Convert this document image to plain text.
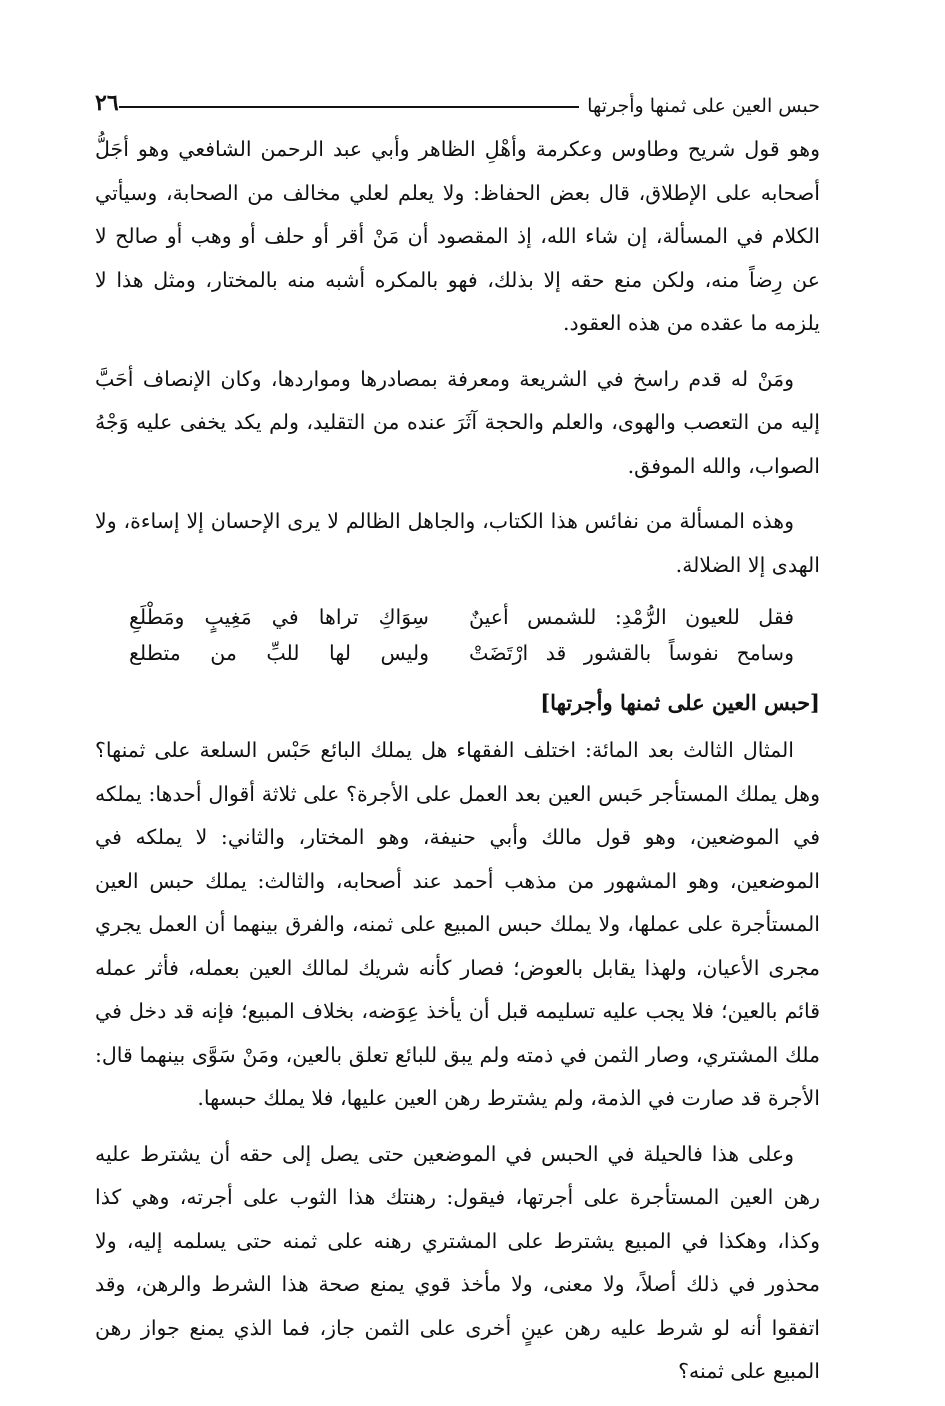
حبس العين على ثمنها وأجرتها
٢٦

وهو قول شريح وطاوس وعكرمة وأهْلِ الظاهر وأبي عبد الرحمن الشافعي وهو أجَلُّ أصحابه على الإطلاق، قال بعض الحفاظ: ولا يعلم لعلي مخالف من الصحابة، وسيأتي الكلام في المسألة، إن شاء الله، إذ المقصود أن مَنْ أقر أو حلف أو وهب أو صالح لا عن رِضاً منه، ولكن منع حقه إلا بذلك، فهو بالمكره أشبه منه بالمختار، ومثل هذا لا يلزمه ما عقده من هذه العقود.

ومَنْ له قدم راسخ في الشريعة ومعرفة بمصادرها ومواردها، وكان الإنصاف أحَبَّ إليه من التعصب والهوى، والعلم والحجة آثَرَ عنده من التقليد، ولم يكد يخفى عليه وَجْهُ الصواب، والله الموفق.

وهذه المسألة من نفائس هذا الكتاب، والجاهل الظالم لا يرى الإحسان إلا إساءة، ولا الهدى إلا الضلالة.

فقل للعيون الرُّمْدِ: للشمس أعينٌ
سِوَاكِ تراها في مَغِيبٍ ومَطْلَعِ
وسامح نفوساً بالقشور قد ارْتَضَتْ
وليس لها للبِّ من متطلع
[حبس العين على ثمنها وأجرتها]

المثال الثالث بعد المائة: اختلف الفقهاء هل يملك البائع حَبْس السلعة على ثمنها؟ وهل يملك المستأجر حَبس العين بعد العمل على الأجرة؟ على ثلاثة أقوال أحدها: يملكه في الموضعين، وهو قول مالك وأبي حنيفة، وهو المختار، والثاني: لا يملكه في الموضعين، وهو المشهور من مذهب أحمد عند أصحابه، والثالث: يملك حبس العين المستأجرة على عملها، ولا يملك حبس المبيع على ثمنه، والفرق بينهما أن العمل يجري مجرى الأعيان، ولهذا يقابل بالعوض؛ فصار كأنه شريك لمالك العين بعمله، فأثر عمله قائم بالعين؛ فلا يجب عليه تسليمه قبل أن يأخذ عِوَضه، بخلاف المبيع؛ فإنه قد دخل في ملك المشتري، وصار الثمن في ذمته ولم يبق للبائع تعلق بالعين، ومَنْ سَوَّى بينهما قال: الأجرة قد صارت في الذمة، ولم يشترط رهن العين عليها، فلا يملك حبسها.

وعلى هذا فالحيلة في الحبس في الموضعين حتى يصل إلى حقه أن يشترط عليه رهن العين المستأجرة على أجرتها، فيقول: رهنتك هذا الثوب على أجرته، وهي كذا وكذا، وهكذا في المبيع يشترط على المشتري رهنه على ثمنه حتى يسلمه إليه، ولا محذور في ذلك أصلاً، ولا معنى، ولا مأخذ قوي يمنع صحة هذا الشرط والرهن، وقد اتفقوا أنه لو شرط عليه رهن عينٍ أخرى على الثمن جاز، فما الذي يمنع جواز رهن المبيع على ثمنه؟
